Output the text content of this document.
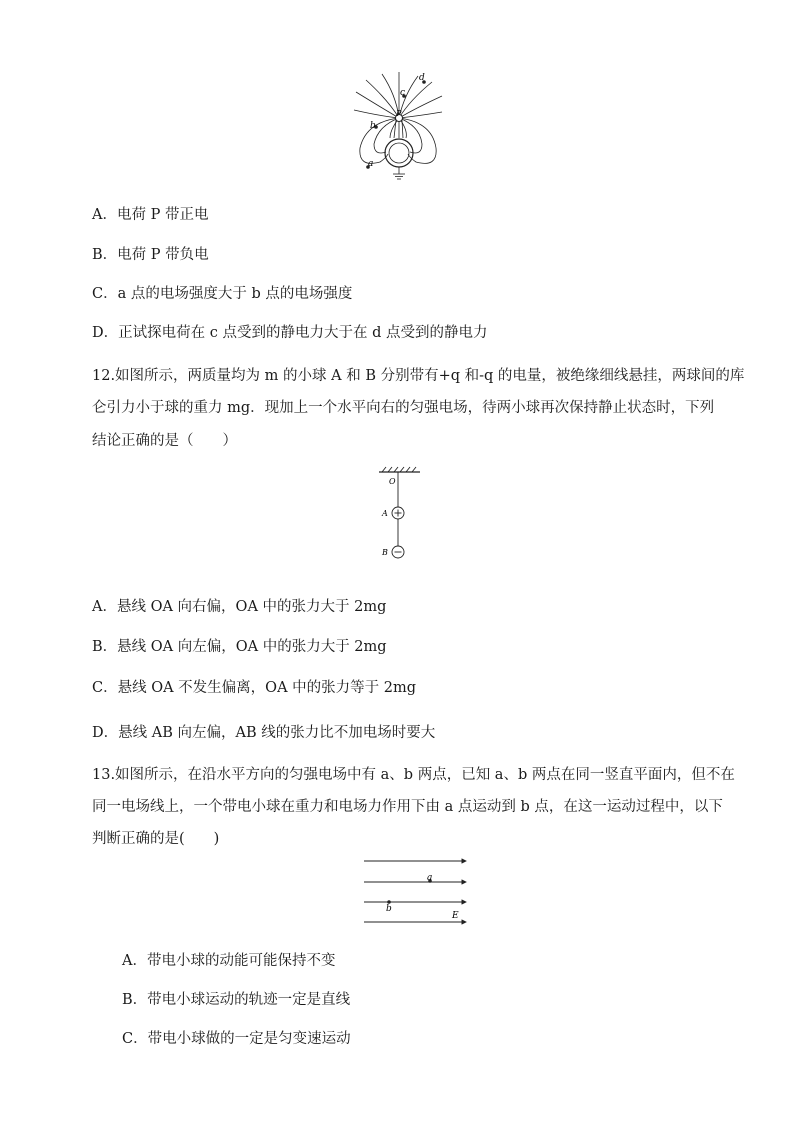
d
c
P
b
a
A．电荷 P 带正电
B．电荷 P 带负电
C．a 点的电场强度大于 b 点的电场强度
D．正试探电荷在 c 点受到的静电力大于在 d 点受到的静电力
12.如图所示，两质量均为 m 的小球 A 和 B 分别带有+q 和-q 的电量，被绝缘细线悬挂，两球间的库
仑引力小于球的重力 mg．现加上一个水平向右的匀强电场，待两小球再次保持静止状态时，下列
结论正确的是（　　）
O
A
B
A．悬线 OA 向右偏，OA 中的张力大于 2mg
B．悬线 OA 向左偏，OA 中的张力大于 2mg
C．悬线 OA 不发生偏离，OA 中的张力等于 2mg
D．悬线 AB 向左偏，AB 线的张力比不加电场时要大
13.如图所示，在沿水平方向的匀强电场中有 a、b 两点，已知 a、b 两点在同一竖直平面内，但不在
同一电场线上，一个带电小球在重力和电场力作用下由 a 点运动到 b 点，在这一运动过程中，以下
判断正确的是(　　)
a
b
E
A．带电小球的动能可能保持不变
B．带电小球运动的轨迹一定是直线
C．带电小球做的一定是匀变速运动
